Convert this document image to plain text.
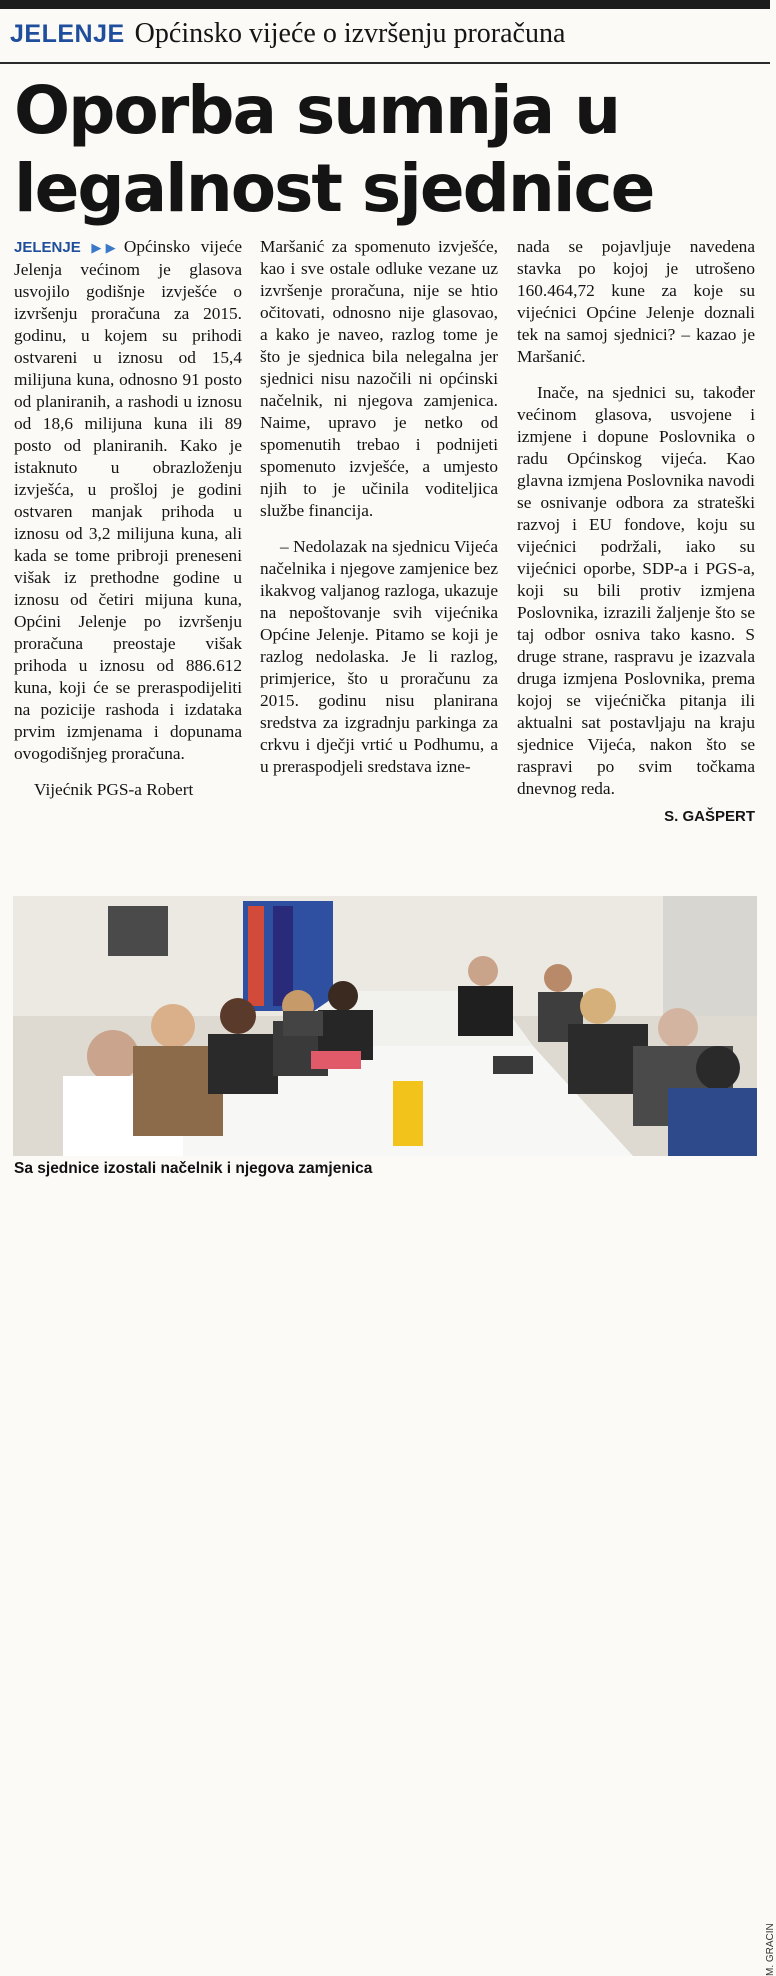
JELENJE Općinsko vijeće o izvršenju proračuna
Oporba sumnja u
legalnost sjednice

JELENJE ▶▶ Općinsko vijeće Jelenja većinom je glasova usvojilo godišnje izvješće o izvršenju proračuna za 2015. godinu, u kojem su prihodi ostvareni u iznosu od 15,4 milijuna kuna, odnosno 91 posto od planiranih, a rashodi u iznosu od 18,6 milijuna kuna ili 89 posto od planiranih. Kako je istaknuto u obrazloženju izvješća, u prošloj je godini ostvaren manjak prihoda u iznosu od 3,2 milijuna kuna, ali kada se tome pribroji preneseni višak iz prethodne godine u iznosu od četiri mijuna kuna, Općini Jelenje po izvršenju proračuna preostaje višak prihoda u iznosu od 886.612 kuna, koji će se preraspodijeliti na pozicije rashoda i izdataka prvim izmjenama i dopunama ovogodišnjeg proračuna.

Vijećnik PGS-a Robert

Maršanić za spomenuto izvješće, kao i sve ostale odluke vezane uz izvršenje proračuna, nije se htio očitovati, odnosno nije glasovao, a kako je naveo, razlog tome je što je sjednica bila nelegalna jer sjednici nisu nazočili ni općinski načelnik, ni njegova zamjenica. Naime, upravo je netko od spomenutih trebao i podnijeti spomenuto izvješće, a umjesto njih to je učinila voditeljica službe financija.

– Nedolazak na sjednicu Vijeća načelnika i njegove zamjenice bez ikakvog valjanog razloga, ukazuje na nepoštovanje svih vijećnika Općine Jelenje. Pitamo se koji je razlog nedolaska. Je li razlog, primjerice, što u proračunu za 2015. godinu nisu planirana sredstva za izgradnju parkinga za crkvu i dječji vrtić u Podhumu, a u preraspodjeli sredstava izne-

nada se pojavljuje navedena stavka po kojoj je utrošeno 160.464,72 kune za koje su vijećnici Općine Jelenje doznali tek na samoj sjednici? – kazao je Maršanić.

Inače, na sjednici su, također većinom glasova, usvojene i izmjene i dopune Poslovnika o radu Općinskog vijeća. Kao glavna izmjena Poslovnika navodi se osnivanje odbora za strateški razvoj i EU fondove, koju su vijećnici podržali, iako su vijećnici oporbe, SDP-a i PGS-a, koji su bili protiv izmjena Poslovnika, izrazili žaljenje što se taj odbor osniva tako kasno. S druge strane, raspravu je izazvala druga izmjena Poslovnika, prema kojoj se vijećnička pitanja ili aktualni sat postavljaju na kraju sjednice Vijeća, nakon što se raspravi po svim točkama dnevnog reda.

S. GAŠPERT
M. GRACIN
Sa sjednice izostali načelnik i njegova zamjenica
